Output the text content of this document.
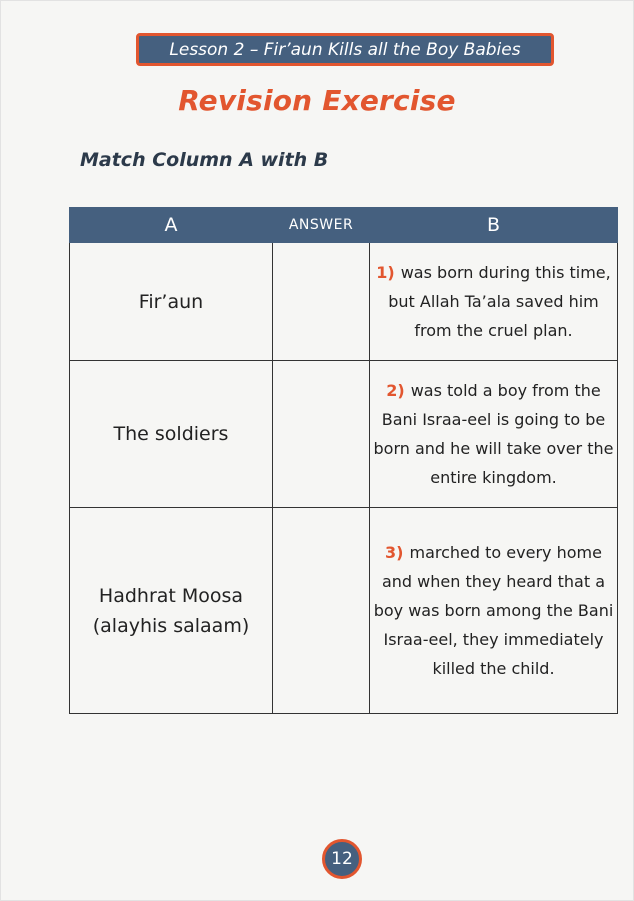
Lesson 2 – Fir’aun Kills all the Boy Babies
Revision Exercise
Match Column A with B
A	ANSWER	B
Fir’aun		1) was born during this time, but Allah Ta’ala saved him from the cruel plan.
The soldiers		2) was told a boy from the Bani Israa-eel is going to be born and he will take over the entire kingdom.

Hadhrat Moosa
(alayhis salaam)		3) marched to every home and when they heard that a boy was born among the Bani Israa-eel, they immediately killed the child.
12
